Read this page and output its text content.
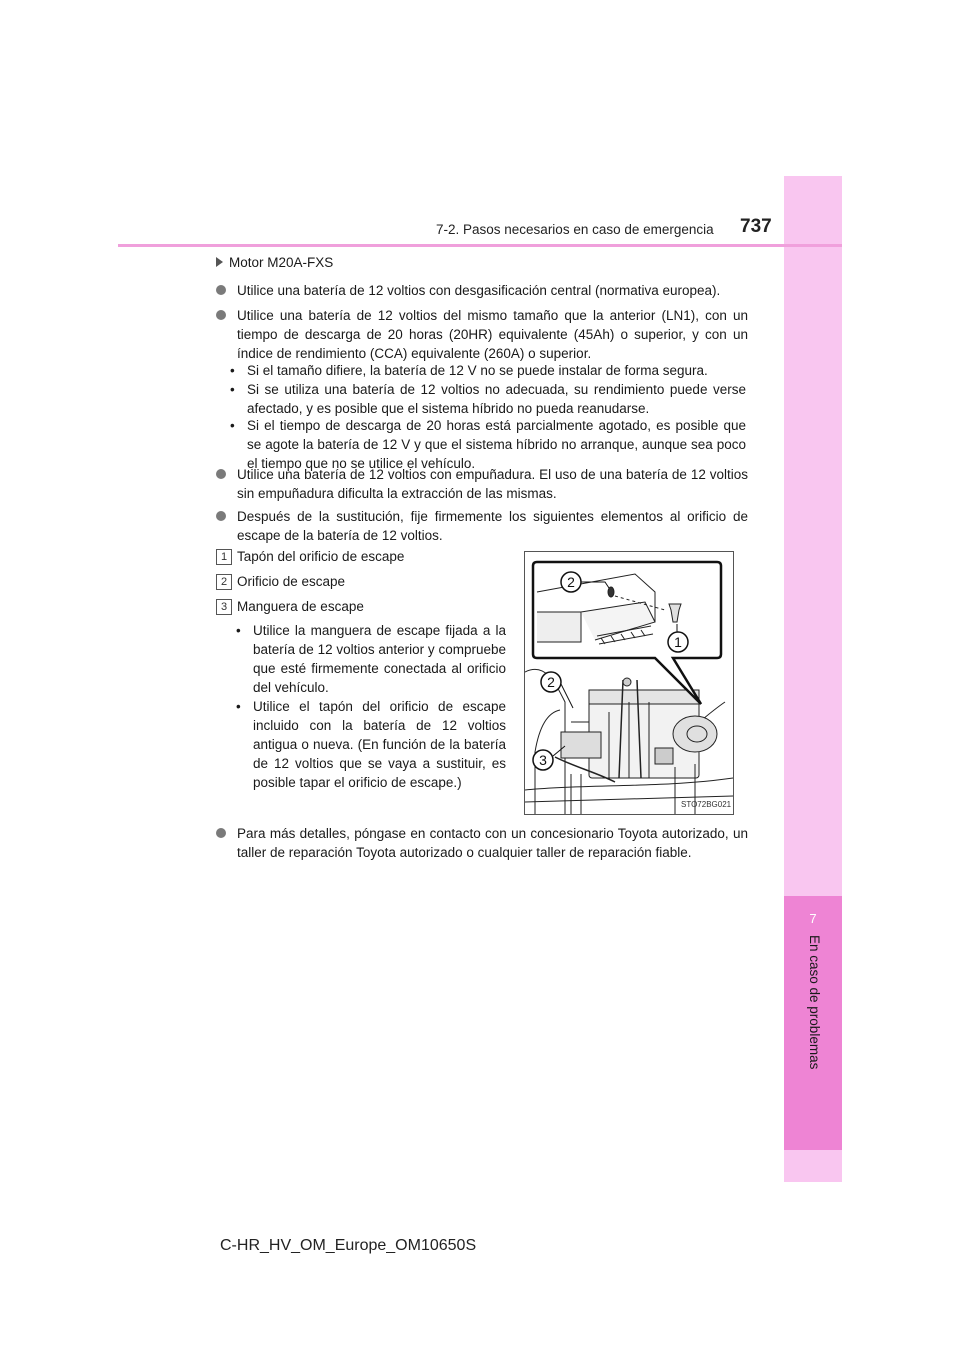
7
En caso de problemas
7-2. Pasos necesarios en caso de emergencia 737
Motor M20A-FXS
Utilice una batería de 12 voltios con desgasificación central (normativa europea).
Utilice una batería de 12 voltios del mismo tamaño que la anterior (LN1), con un tiempo de descarga de 20 horas (20HR) equivalente (45Ah) o superior, y con un índice de rendimiento (CCA) equivalente (260A) o superior.
• Si el tamaño difiere, la batería de 12 V no se puede instalar de forma segura.
• Si se utiliza una batería de 12 voltios no adecuada, su rendimiento puede verse afectado, y es posible que el sistema híbrido no pueda reanudarse.
• Si el tiempo de descarga de 20 horas está parcialmente agotado, es posible que se agote la batería de 12 V y que el sistema híbrido no arranque, aunque sea poco el tiempo que no se utilice el vehículo.
Utilice una batería de 12 voltios con empuñadura. El uso de una batería de 12 voltios sin empuñadura dificulta la extracción de las mismas.
Después de la sustitución, fije firmemente los siguientes elementos al orificio de escape de la batería de 12 voltios.
1 Tapón del orificio de escape
2 Orificio de escape
3 Manguera de escape
• Utilice la manguera de escape fijada a la batería de 12 voltios anterior y compruebe que esté firmemente conectada al orificio del vehículo.
• Utilice el tapón del orificio de escape incluido con la batería de 12 voltios antigua o nueva. (En función de la batería de 12 voltios que se vaya a sustituir, es posible tapar el orificio de escape.)
2
1
2
3
STO72BG021
Para más detalles, póngase en contacto con un concesionario Toyota autorizado, un taller de reparación Toyota autorizado o cualquier taller de reparación fiable.
C-HR_HV_OM_Europe_OM10650S
